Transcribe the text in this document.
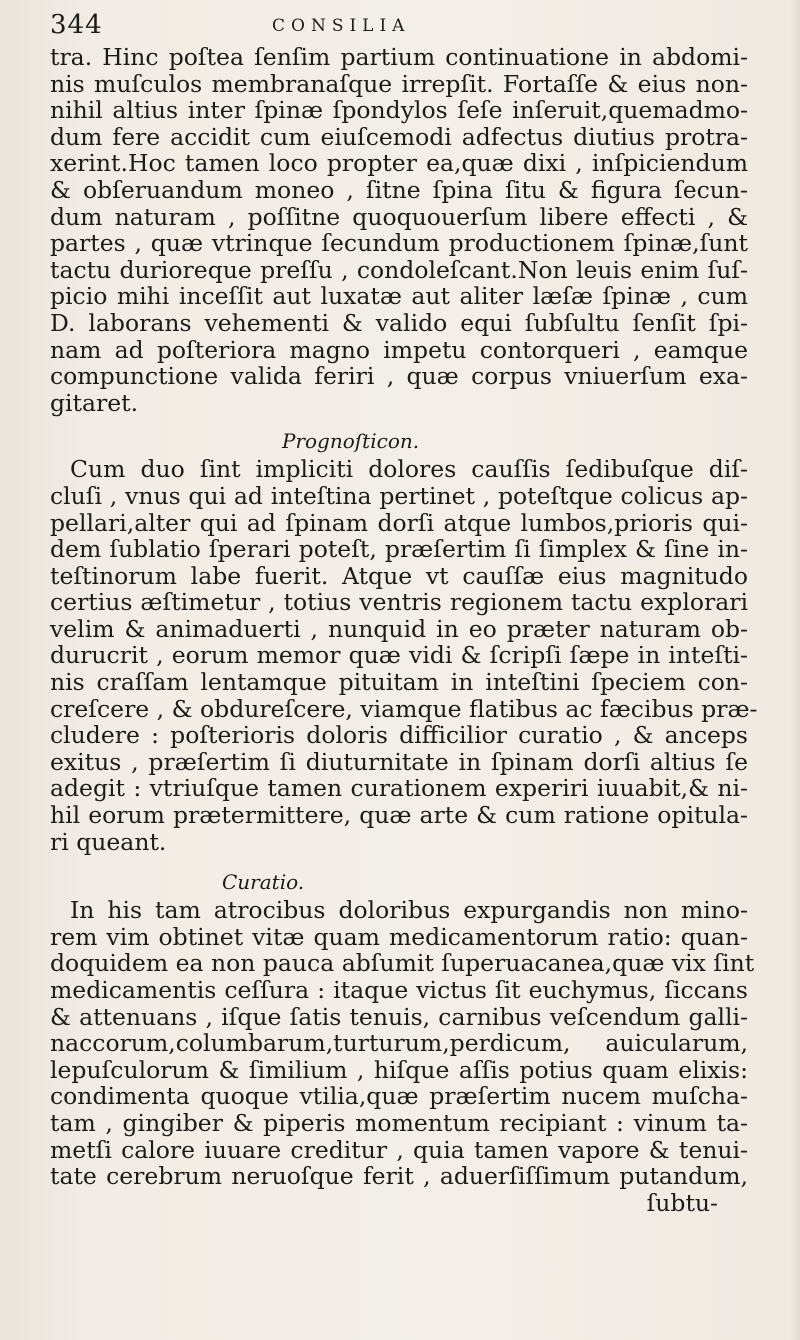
344	CONSILIA
tra. Hinc poſtea ſenſim partium continuatione in abdomi-
nis muſculos membranaſque irrepſit. Fortaſſe & eius non-
nihil altius inter ſpinæ ſpondylos ſeſe inſeruit,quemadmo-
dum fere accidit cum eiuſcemodi adfectus diutius protra-
xerint.Hoc tamen loco propter ea,quæ dixi , inſpiciendum
& obſeruandum moneo , ſitne ſpina ſitu & figura ſecun-
dum naturam , poſſitne quoquouerſum libere effecti , &
partes , quæ vtrinque ſecundum productionem ſpinæ,ſunt
tactu durioreque preſſu , condoleſcant.Non leuis enim ſuſ-
picio mihi inceſſit aut luxatæ aut aliter læſæ ſpinæ , cum
D. laborans vehementi & valido equi ſubſultu ſenſit ſpi-
nam ad poſteriora magno impetu contorqueri , eamque
compunctione valida feriri , quæ corpus vniuerſum exa-
gitaret.
Prognoſticon.
Cum duo ſint impliciti dolores cauſſis ſedibuſque diſ-
cluſi , vnus qui ad inteſtina pertinet , poteſtque colicus ap-
pellari,alter qui ad ſpinam dorſi atque lumbos,prioris qui-
dem ſublatio ſperari poteſt, præſertim ſi ſimplex & ſine in-
teſtinorum labe fuerit. Atque vt cauſſæ eius magnitudo
certius æſtimetur , totius ventris regionem tactu explorari
velim & animaduerti , nunquid in eo præter naturam ob-
durucrit , eorum memor quæ vidi & ſcripſi ſæpe in inteſti-
nis craſſam lentamque pituitam in inteſtini ſpeciem con-
creſcere , & obdureſcere, viamque flatibus ac fæcibus præ-
cludere : poſterioris doloris difficilior curatio , & anceps
exitus , præſertim ſi diuturnitate in ſpinam dorſi altius ſe
adegit : vtriuſque tamen curationem experiri iuuabit,& ni-
hil eorum prætermittere, quæ arte & cum ratione opitula-
ri queant.
Curatio.
In his tam atrocibus doloribus expurgandis non mino-
rem vim obtinet vitæ quam medicamentorum ratio: quan-
doquidem ea non pauca abſumit ſuperuacanea,quæ vix ſint
medicamentis ceſſura : itaque victus ſit euchymus, ſiccans
& attenuans , iſque ſatis tenuis, carnibus veſcendum galli-
naccorum,columbarum,turturum,perdicum, auicularum,
lepuſculorum & ſimilium , hiſque aſſis potius quam elixis:
condimenta quoque vtilia,quæ præſertim nucem muſcha-
tam , gingiber & piperis momentum recipiant : vinum ta-
metſi calore iuuare creditur , quia tamen vapore & tenui-
tate cerebrum neruoſque ferit , aduerſiſſimum putandum,
ſubtu-
